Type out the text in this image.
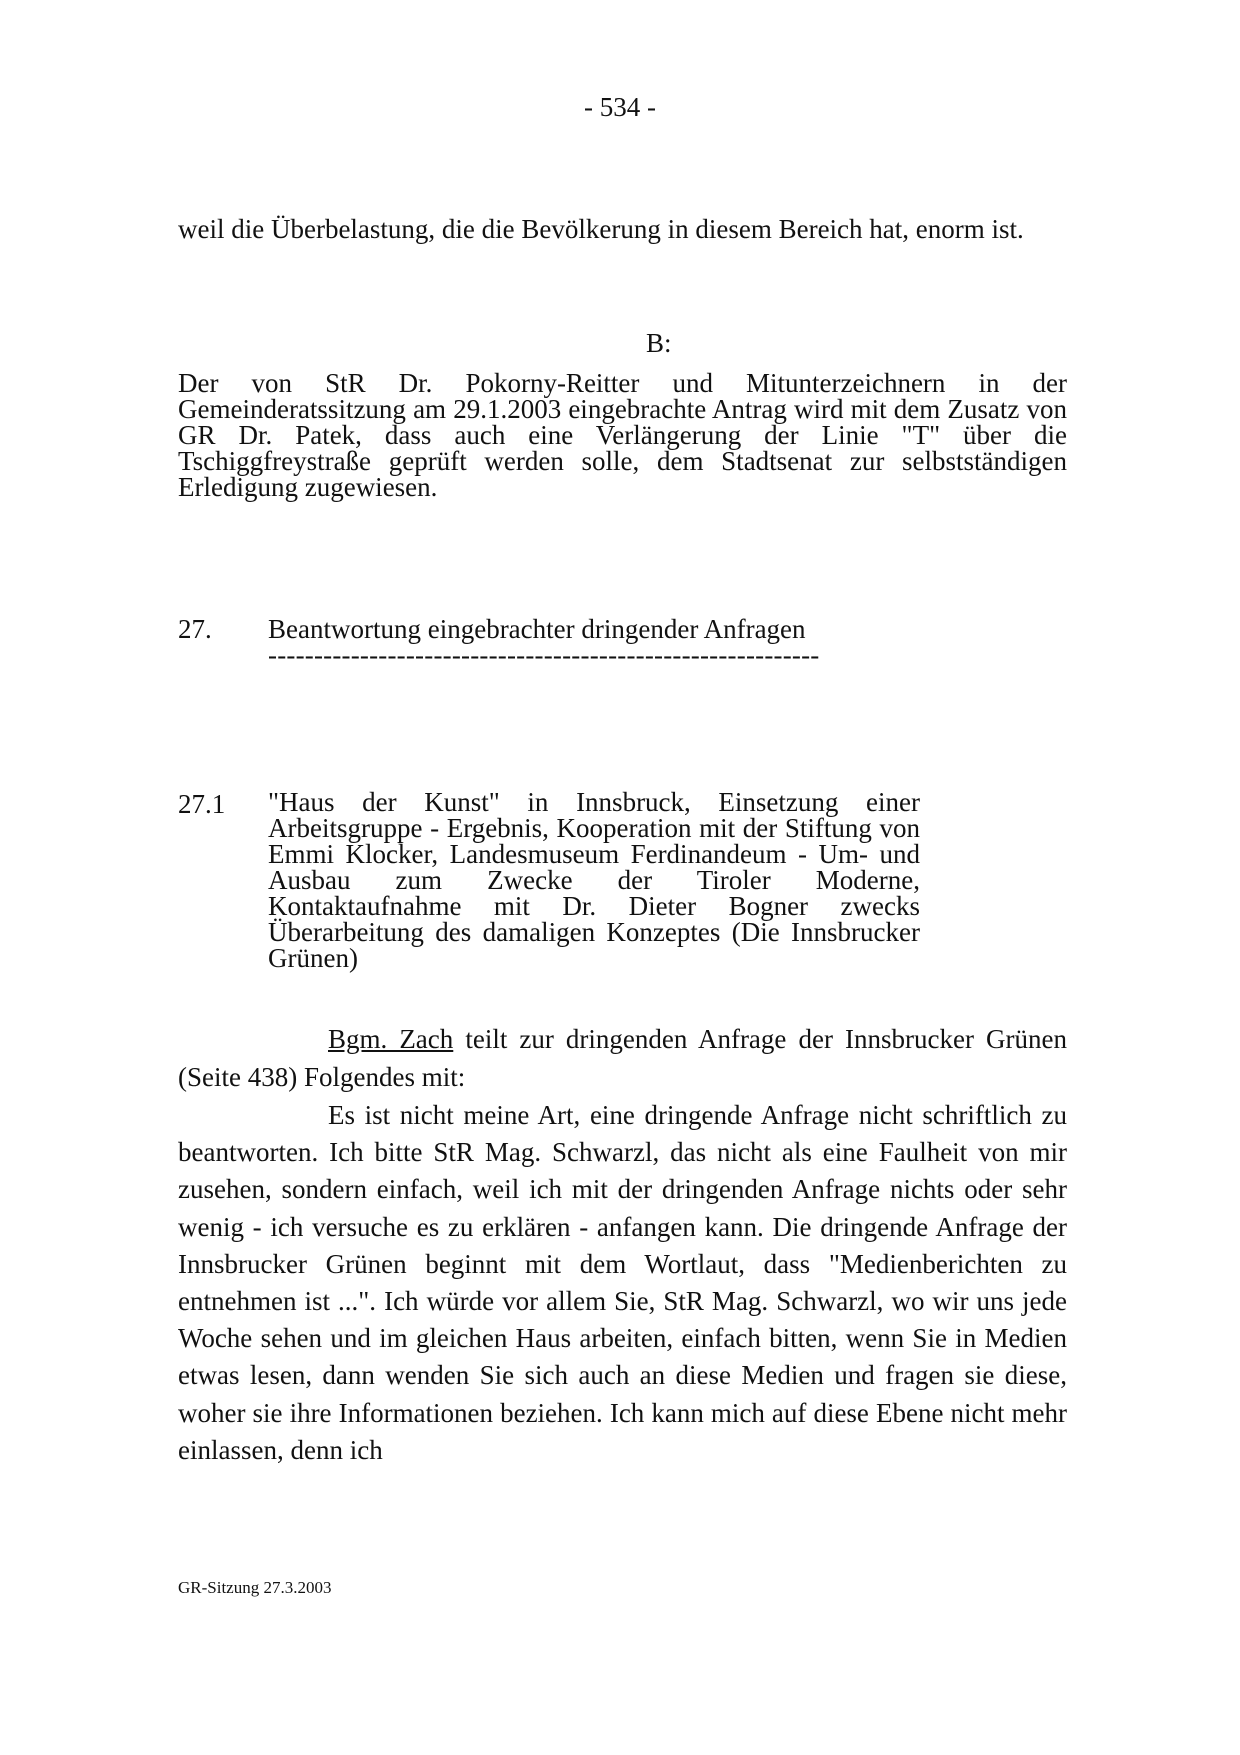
- 534 -
weil die Überbelastung, die die Bevölkerung in diesem Bereich hat, enorm ist.
B:
Der von StR Dr. Pokorny-Reitter und Mitunterzeichnern in der Gemeinderatssitzung am 29.1.2003 eingebrachte Antrag wird mit dem Zusatz von GR Dr. Patek, dass auch eine Verlängerung der Linie "T" über die Tschiggfreystraße geprüft werden solle, dem Stadtsenat zur selbstständigen Erledigung zugewiesen.
27. Beantwortung eingebrachter dringender Anfragen
------------------------------------------------------------
27.1 "Haus der Kunst" in Innsbruck, Einsetzung einer Arbeitsgruppe - Ergebnis, Kooperation mit der Stiftung von Emmi Klocker, Landesmuseum Ferdinandeum - Um- und Ausbau zum Zwecke der Tiroler Moderne, Kontaktaufnahme mit Dr. Dieter Bogner zwecks Überarbeitung des damaligen Konzeptes (Die Innsbrucker Grünen)
Bgm. Zach teilt zur dringenden Anfrage der Innsbrucker Grünen (Seite 438) Folgendes mit:
Es ist nicht meine Art, eine dringende Anfrage nicht schriftlich zu beantworten. Ich bitte StR Mag. Schwarzl, das nicht als eine Faulheit von mir zusehen, sondern einfach, weil ich mit der dringenden Anfrage nichts oder sehr wenig - ich versuche es zu erklären - anfangen kann. Die dringende Anfrage der Innsbrucker Grünen beginnt mit dem Wortlaut, dass "Medienberichten zu entnehmen ist ...". Ich würde vor allem Sie, StR Mag. Schwarzl, wo wir uns jede Woche sehen und im gleichen Haus arbeiten, einfach bitten, wenn Sie in Medien etwas lesen, dann wenden Sie sich auch an diese Medien und fragen sie diese, woher sie ihre Informationen beziehen. Ich kann mich auf diese Ebene nicht mehr einlassen, denn ich
GR-Sitzung 27.3.2003
